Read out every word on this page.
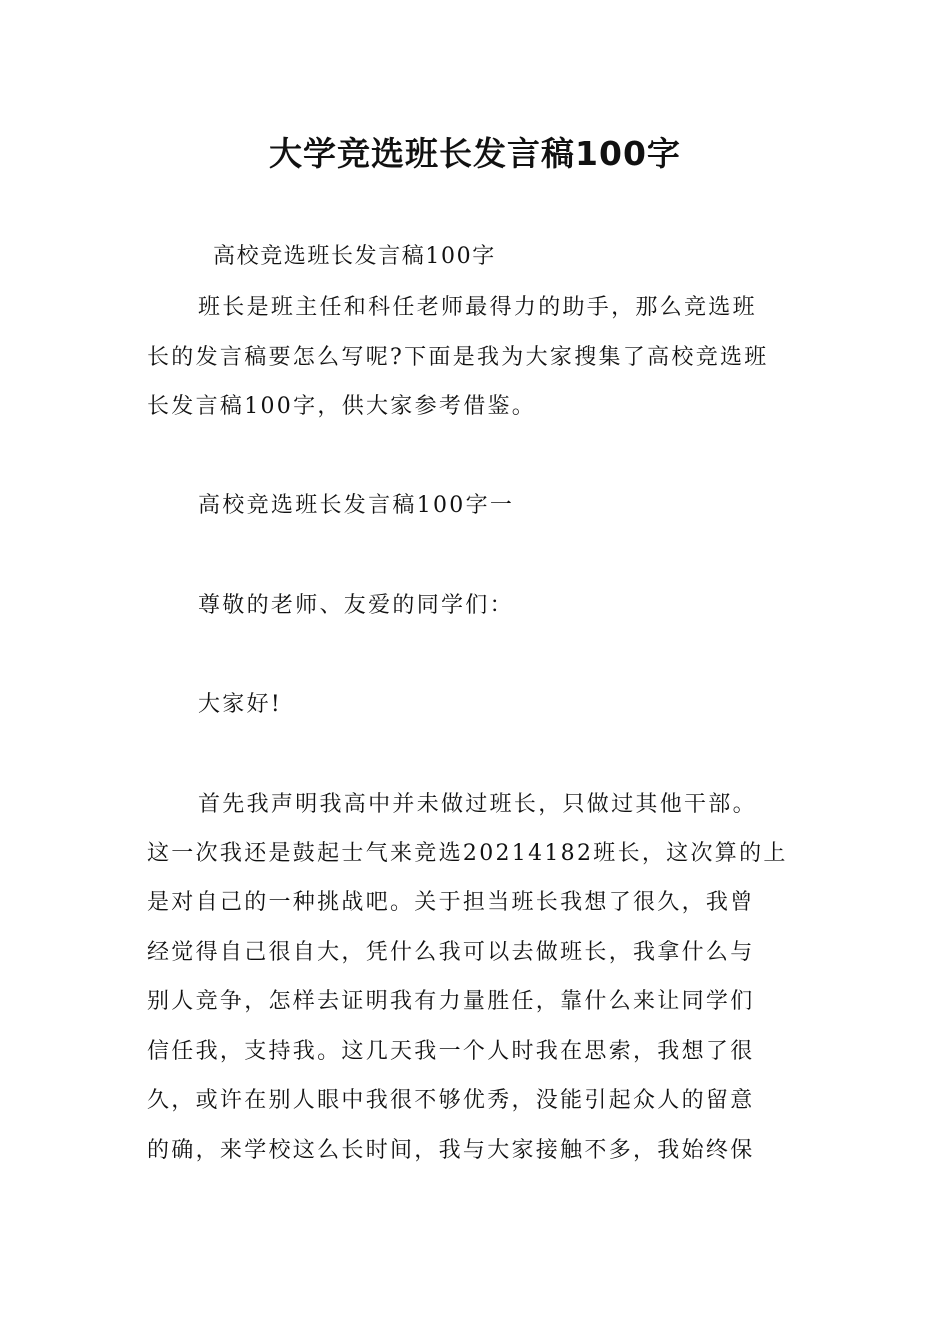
大学竞选班长发言稿100字
高校竞选班长发言稿100字
班长是班主任和科任老师最得力的助手，那么竞选班
长的发言稿要怎么写呢?下面是我为大家搜集了高校竞选班
长发言稿100字，供大家参考借鉴。
高校竞选班长发言稿100字一
尊敬的老师、友爱的同学们：
大家好!
首先我声明我高中并未做过班长，只做过其他干部。
这一次我还是鼓起士气来竞选20214182班长，这次算的上
是对自己的一种挑战吧。关于担当班长我想了很久，我曾
经觉得自己很自大，凭什么我可以去做班长，我拿什么与
别人竞争，怎样去证明我有力量胜任，靠什么来让同学们
信任我，支持我。这几天我一个人时我在思索，我想了很
久，或许在别人眼中我很不够优秀，没能引起众人的留意
的确，来学校这么长时间，我与大家接触不多，我始终保
